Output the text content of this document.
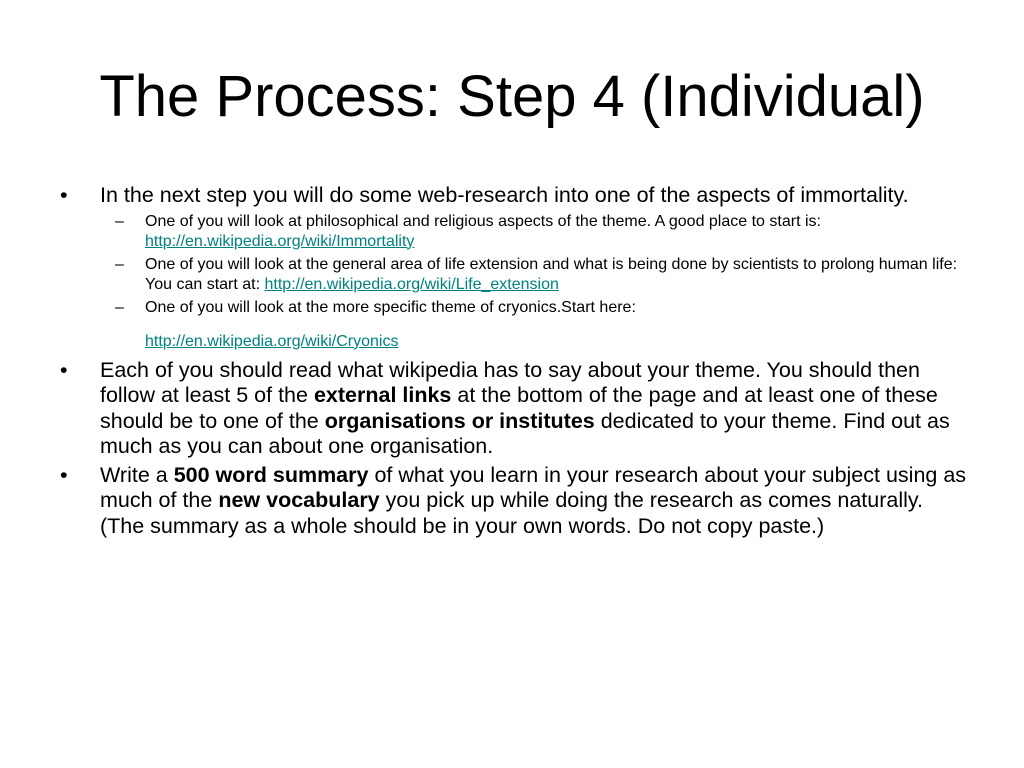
The Process: Step 4 (Individual)
• In the next step you will do some web-research into one of the aspects of immortality.
– One of you will look at philosophical and religious aspects of the theme. A good place to start is:  http://en.wikipedia.org/wiki/Immortality
– One of you will look at the general area of life extension and what is being done by scientists to prolong human life: You can start at: http://en.wikipedia.org/wiki/Life_extension
– One of you will look at the more specific theme of cryonics.Start here:
http://en.wikipedia.org/wiki/Cryonics
• Each of you should read what wikipedia has to say about your theme. You should then follow at least 5 of the external links at the bottom of the page and at least one of these should be to one of the organisations or institutes dedicated to your theme. Find out as much as you can about one organisation.
• Write a 500 word summary of what you learn in your research about your subject using as much of the new vocabulary you pick up while doing the research as comes naturally. (The summary as a whole should be in your own words. Do not copy paste.)
